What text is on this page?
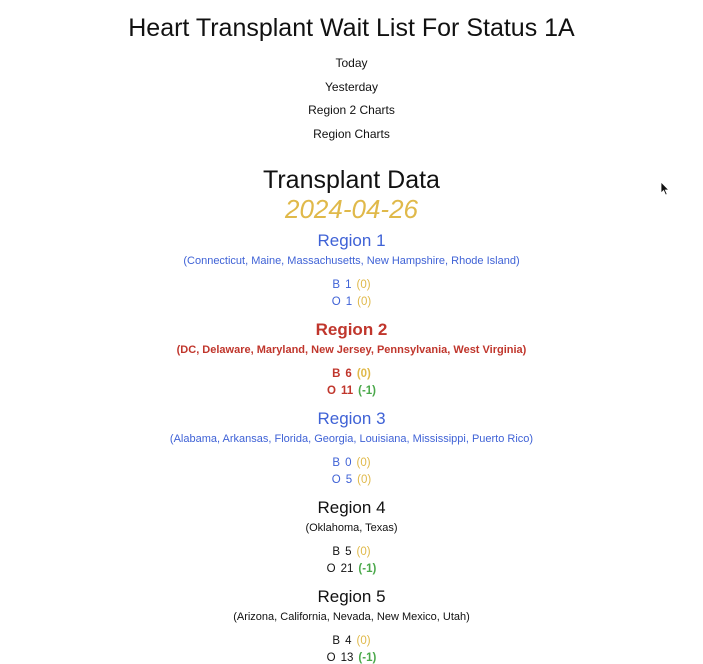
Heart Transplant Wait List For Status 1A
Today
Yesterday
Region 2 Charts
Region Charts
Transplant Data
2024-04-26
Region 1
(Connecticut, Maine, Massachusetts, New Hampshire, Rhode Island)
B 1 (0)
O 1 (0)
Region 2
(DC, Delaware, Maryland, New Jersey, Pennsylvania, West Virginia)
B 6 (0)
O 11 (-1)
Region 3
(Alabama, Arkansas, Florida, Georgia, Louisiana, Mississippi, Puerto Rico)
B 0 (0)
O 5 (0)
Region 4
(Oklahoma, Texas)
B 5 (0)
O 21 (-1)
Region 5
(Arizona, California, Nevada, New Mexico, Utah)
B 4 (0)
O 13 (-1)
